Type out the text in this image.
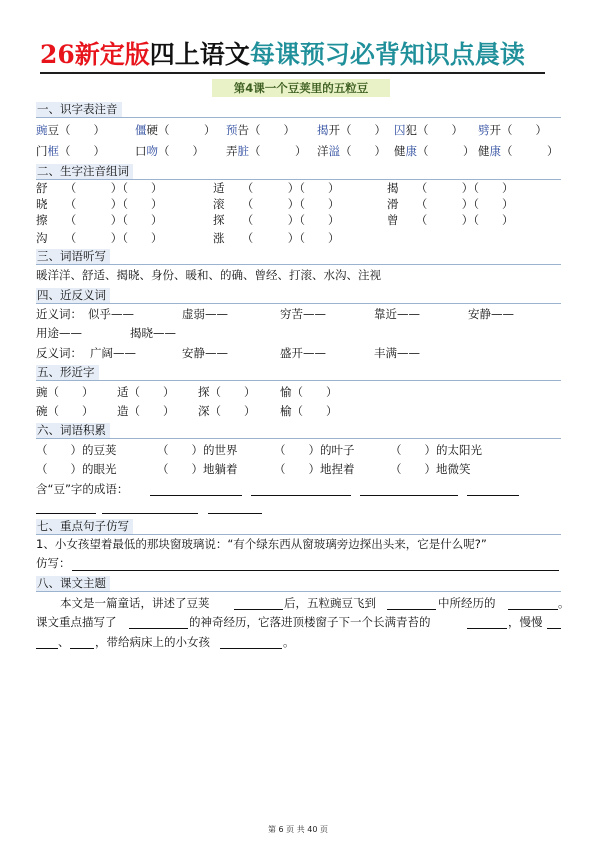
26新定版四上语文每课预习必背知识点晨读
第4课一个豆荚里的五粒豆
一、识字表注音
豌豆（　　）	僵硬（　　　） 预告（　　） 揭开（　　） 囚犯（　　） 劈开（　　）
门框（　　）	口吻（　　） 弄脏（　　　） 洋溢（　　） 健康（　　　） 健康（　　　）
二、生字注音组词
舒　　（　　　）（　　）	适　　（　　　）（　　）	揭　　（　　　）（　　）
晓　　（　　　）（　　）	滚　　（　　　）（　　）	滑　　（　　　）（　　）
擦　　（　　　）（　　）	探　　（　　　）（　　）	曾　　（　　　）（　　）
沟　　（　　　）（　　）	涨　　（　　　）（　　）
三、词语听写
暖洋洋、舒适、揭晓、身份、暖和、的确、曾经、打滚、水沟、注视
四、近反义词
近义词： 似乎——	虚弱——	穷苦——	靠近——	安静——
用途——	揭晓——
反义词： 广阔——	安静——	盛开——	丰满——
五、形近字
豌（　　） 适（　　） 探（　　） 愉（　　）
碗（　　） 造（　　） 深（　　） 榆（　　）
六、词语积累
（　　）的豆荚	（　　）的世界	（　　）的叶子	（　　）的太阳光
（　　）的眼光	（　　）地躺着	（　　）地捏着	（　　）地微笑
含“豆”字的成语：
七、重点句子仿写
1、小女孩望着最低的那块窗玻璃说：“有个绿东西从窗玻璃旁边探出头来，它是什么呢?”
仿写：
八、课文主题
本文是一篇童话，讲述了豆荚	后，五粒豌豆飞到	中所经历的	。
课文重点描写了	的神奇经历，它落进顶楼窗子下一个长满青苔的	，慢慢
、 ，带给病床上的小女孩	。
第 6 页 共 40 页
